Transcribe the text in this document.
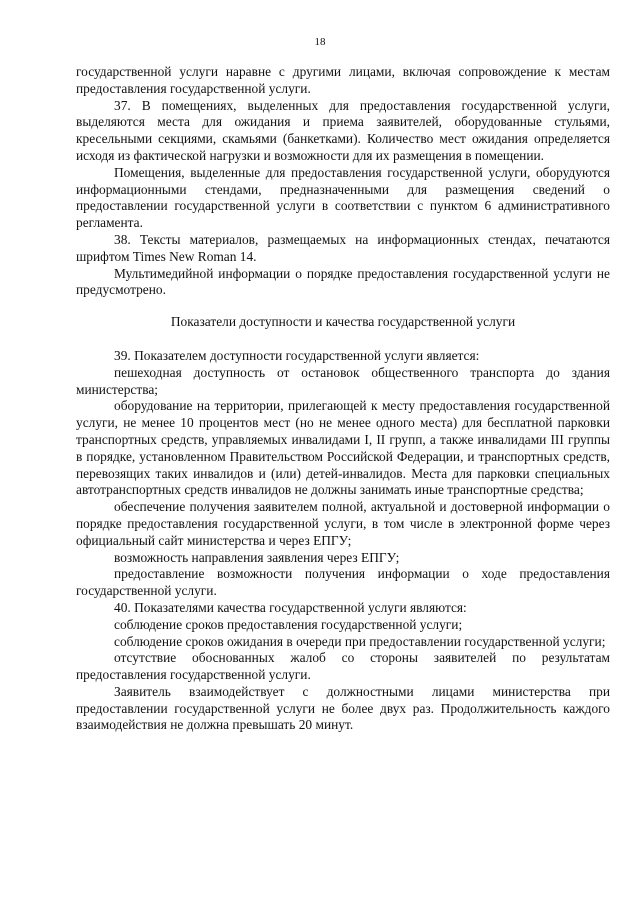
18

государственной услуги наравне с другими лицами, включая сопровождение к местам предоставления государственной услуги.

37. В помещениях, выделенных для предоставления государственной услуги, выделяются места для ожидания и приема заявителей, оборудованные стульями, кресельными секциями, скамьями (банкетками). Количество мест ожидания определяется исходя из фактической нагрузки и возможности для их размещения в помещении.

Помещения, выделенные для предоставления государственной услуги, оборудуются информационными стендами, предназначенными для размещения сведений о предоставлении государственной услуги в соответствии с пунктом 6 административного регламента.

38. Тексты материалов, размещаемых на информационных стендах, печатаются шрифтом Times New Roman 14.

Мультимедийной информации о порядке предоставления государственной услуги не предусмотрено.

Показатели доступности и качества государственной услуги

39. Показателем доступности государственной услуги является:

пешеходная доступность от остановок общественного транспорта до здания министерства;

оборудование на территории, прилегающей к месту предоставления государственной услуги, не менее 10 процентов мест (но не менее одного места) для бесплатной парковки транспортных средств, управляемых инвалидами I, II групп, а также инвалидами III группы в порядке, установленном Правительством Российской Федерации, и транспортных средств, перевозящих таких инвалидов и (или) детей-инвалидов. Места для парковки специальных автотранспортных средств инвалидов не должны занимать иные транспортные средства;

обеспечение получения заявителем полной, актуальной и достоверной информации о порядке предоставления государственной услуги, в том числе в электронной форме через официальный сайт министерства и через ЕПГУ;

возможность направления заявления через ЕПГУ;

предоставление возможности получения информации о ходе предоставления государственной услуги.

40. Показателями качества государственной услуги являются:

соблюдение сроков предоставления государственной услуги;

соблюдение сроков ожидания в очереди при предоставлении государственной услуги;

отсутствие обоснованных жалоб со стороны заявителей по результатам предоставления государственной услуги.

Заявитель взаимодействует с должностными лицами министерства при предоставлении государственной услуги не более двух раз. Продолжительность каждого взаимодействия не должна превышать 20 минут.
